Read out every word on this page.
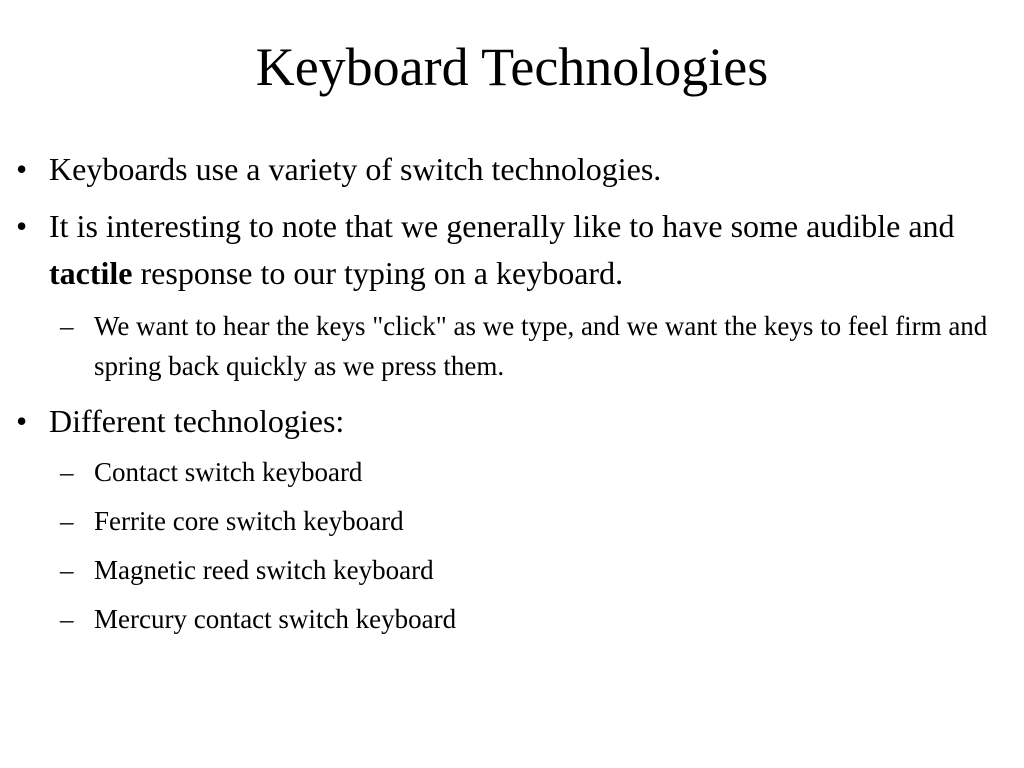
Keyboard Technologies
• Keyboards use a variety of switch technologies.
• It is interesting to note that we generally like to have some audible and tactile response to our typing on a keyboard.
– We want to hear the keys "click" as we type, and we want the keys to feel firm and spring back quickly as we press them.
• Different technologies:
– Contact switch keyboard
– Ferrite core switch keyboard
– Magnetic reed switch keyboard
– Mercury contact switch keyboard
